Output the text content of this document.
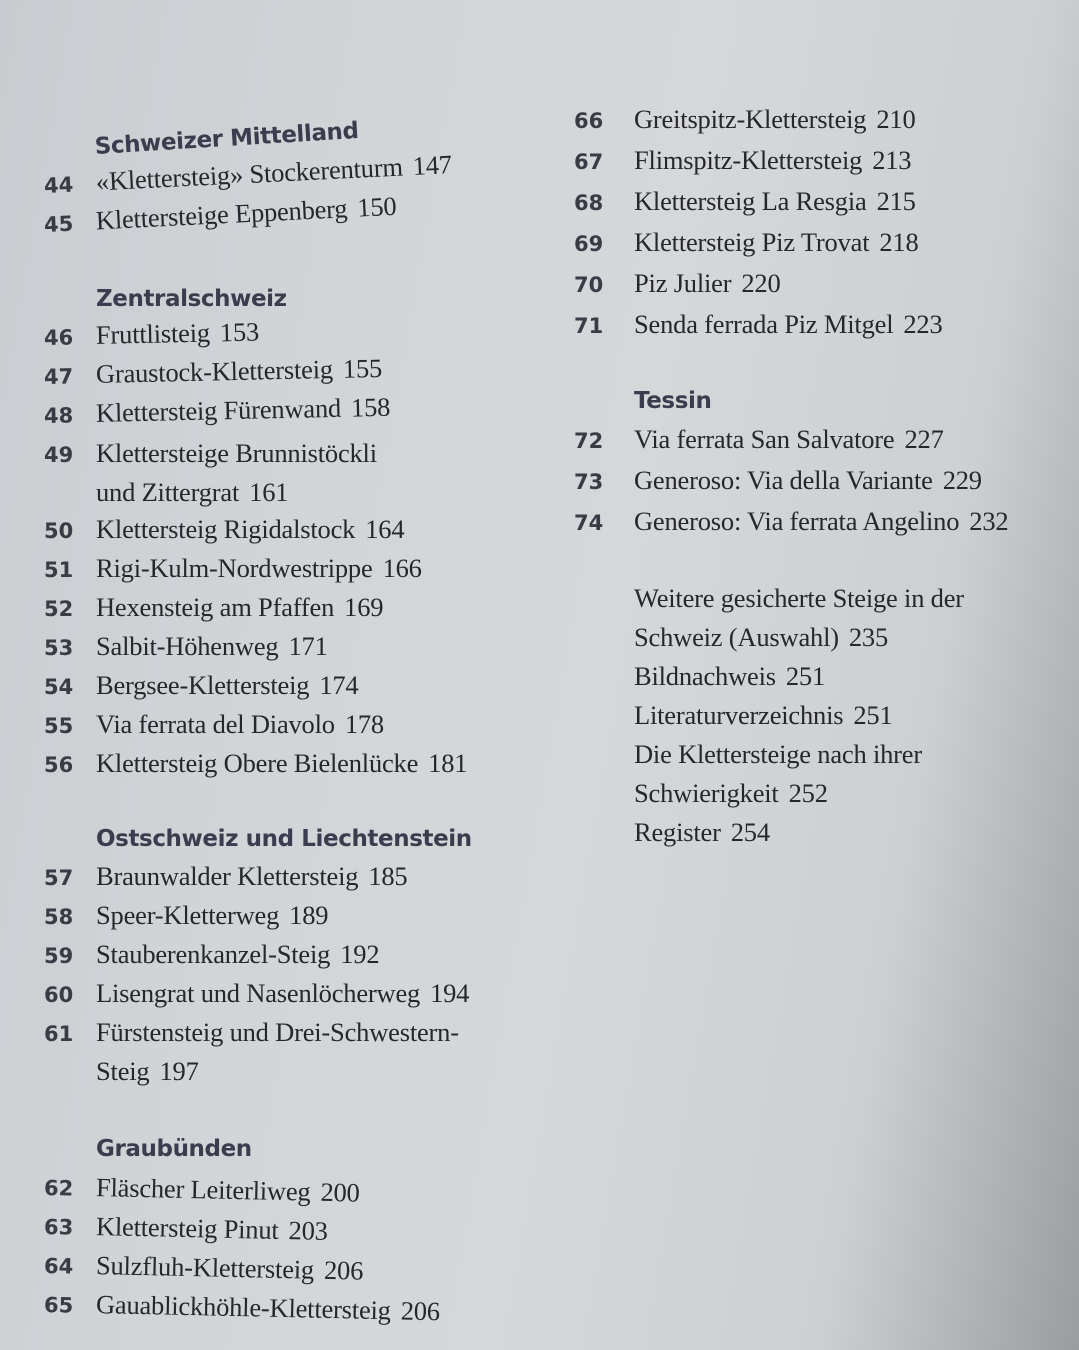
Schweizer Mittelland
44 «Klettersteig» Stockerenturm 147
45 Klettersteige Eppenberg 150
Zentralschweiz
46 Fruttlisteig 153
47 Graustock-Klettersteig 155
48 Klettersteig Fürenwand 158
49 Klettersteige Brunnistöckli
und Zittergrat 161
50 Klettersteig Rigidalstock 164
51 Rigi-Kulm-Nordwestrippe 166
52 Hexensteig am Pfaffen 169
53 Salbit-Höhenweg 171
54 Bergsee-Klettersteig 174
55 Via ferrata del Diavolo 178
56 Klettersteig Obere Bielenlücke 181
Ostschweiz und Liechtenstein
57 Braunwalder Klettersteig 185
58 Speer-Kletterweg 189
59 Stauberenkanzel-Steig 192
60 Lisengrat und Nasenlöcherweg 194
61 Fürstensteig und Drei-Schwestern-
Steig 197
Graubünden
62 Fläscher Leiterliweg 200
63 Klettersteig Pinut 203
64 Sulzfluh-Klettersteig 206
65 Gauablickhöhle-Klettersteig 206
66	Greitspitz-Klettersteig 210
67	Flimspitz-Klettersteig 213
68	Klettersteig La Resgia 215
69	Klettersteig Piz Trovat 218
70	Piz Julier 220
71	Senda ferrada Piz Mitgel 223
Tessin
72	Via ferrata San Salvatore 227
73	Generoso: Via della Variante 229
74	Generoso: Via ferrata Angelino 232
Weitere gesicherte Steige in der
Schweiz (Auswahl) 235
Bildnachweis 251
Literaturverzeichnis 251
Die Klettersteige nach ihrer
Schwierigkeit 252
Register 254
